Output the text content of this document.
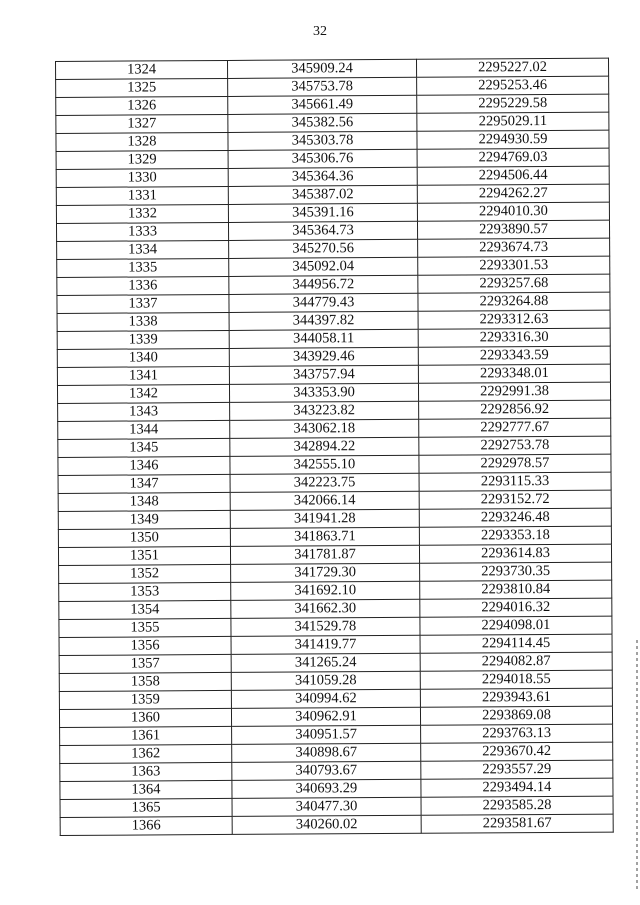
32
1324	345909.24	2295227.02
1325	345753.78	2295253.46
1326	345661.49	2295229.58
1327	345382.56	2295029.11
1328	345303.78	2294930.59
1329	345306.76	2294769.03
1330	345364.36	2294506.44
1331	345387.02	2294262.27
1332	345391.16	2294010.30
1333	345364.73	2293890.57
1334	345270.56	2293674.73
1335	345092.04	2293301.53
1336	344956.72	2293257.68
1337	344779.43	2293264.88
1338	344397.82	2293312.63
1339	344058.11	2293316.30
1340	343929.46	2293343.59
1341	343757.94	2293348.01
1342	343353.90	2292991.38
1343	343223.82	2292856.92
1344	343062.18	2292777.67
1345	342894.22	2292753.78
1346	342555.10	2292978.57
1347	342223.75	2293115.33
1348	342066.14	2293152.72
1349	341941.28	2293246.48
1350	341863.71	2293353.18
1351	341781.87	2293614.83
1352	341729.30	2293730.35
1353	341692.10	2293810.84
1354	341662.30	2294016.32
1355	341529.78	2294098.01
1356	341419.77	2294114.45
1357	341265.24	2294082.87
1358	341059.28	2294018.55
1359	340994.62	2293943.61
1360	340962.91	2293869.08
1361	340951.57	2293763.13
1362	340898.67	2293670.42
1363	340793.67	2293557.29
1364	340693.29	2293494.14
1365	340477.30	2293585.28
1366	340260.02	2293581.67
